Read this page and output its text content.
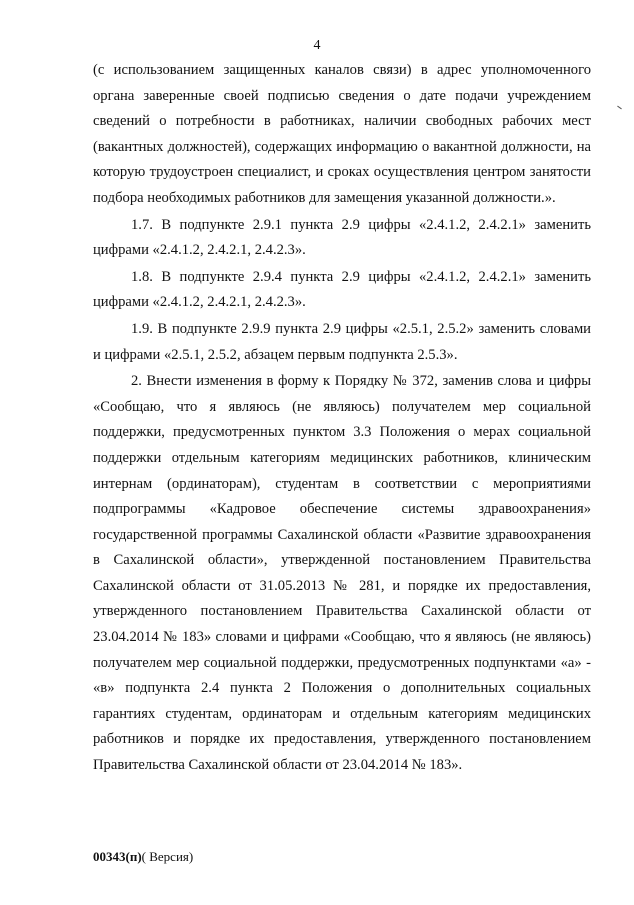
4

(с использованием защищенных каналов связи) в адрес уполномоченного органа заверенные своей подписью сведения о дате подачи учреждением сведений о потребности в работниках, наличии свободных рабочих мест (вакантных должностей), содержащих информацию о вакантной должности, на которую трудоустроен специалист, и сроках осуществления центром занятости подбора необходимых работников для замещения указанной должности.».

1.7. В подпункте 2.9.1 пункта 2.9 цифры «2.4.1.2, 2.4.2.1» заменить цифрами «2.4.1.2, 2.4.2.1, 2.4.2.3».

1.8. В подпункте 2.9.4 пункта 2.9 цифры «2.4.1.2, 2.4.2.1» заменить цифрами «2.4.1.2, 2.4.2.1, 2.4.2.3».

1.9. В подпункте 2.9.9 пункта 2.9 цифры «2.5.1, 2.5.2» заменить словами и цифрами «2.5.1, 2.5.2, абзацем первым подпункта 2.5.3».

2. Внести изменения в форму к Порядку № 372, заменив слова и цифры «Сообщаю, что я являюсь (не являюсь) получателем мер социальной поддержки, предусмотренных пунктом 3.3 Положения о мерах социальной поддержки отдельным категориям медицинских работников, клиническим интернам (ординаторам), студентам в соответствии с мероприятиями подпрограммы «Кадровое обеспечение системы здравоохранения» государственной программы Сахалинской области «Развитие здравоохранения в Сахалинской области», утвержденной постановлением Правительства Сахалинской области от 31.05.2013 № 281, и порядке их предоставления, утвержденного постановлением Правительства Сахалинской области от 23.04.2014 № 183» словами и цифрами «Сообщаю, что я являюсь (не являюсь) получателем мер социальной поддержки, предусмотренных подпунктами «а» - «в» подпункта 2.4 пункта 2 Положения о дополнительных социальных гарантиях студентам, ординаторам и отдельным категориям медицинских работников и порядке их предоставления, утвержденного постановлением Правительства Сахалинской области от 23.04.2014 № 183».

00343(п)( Версия)
